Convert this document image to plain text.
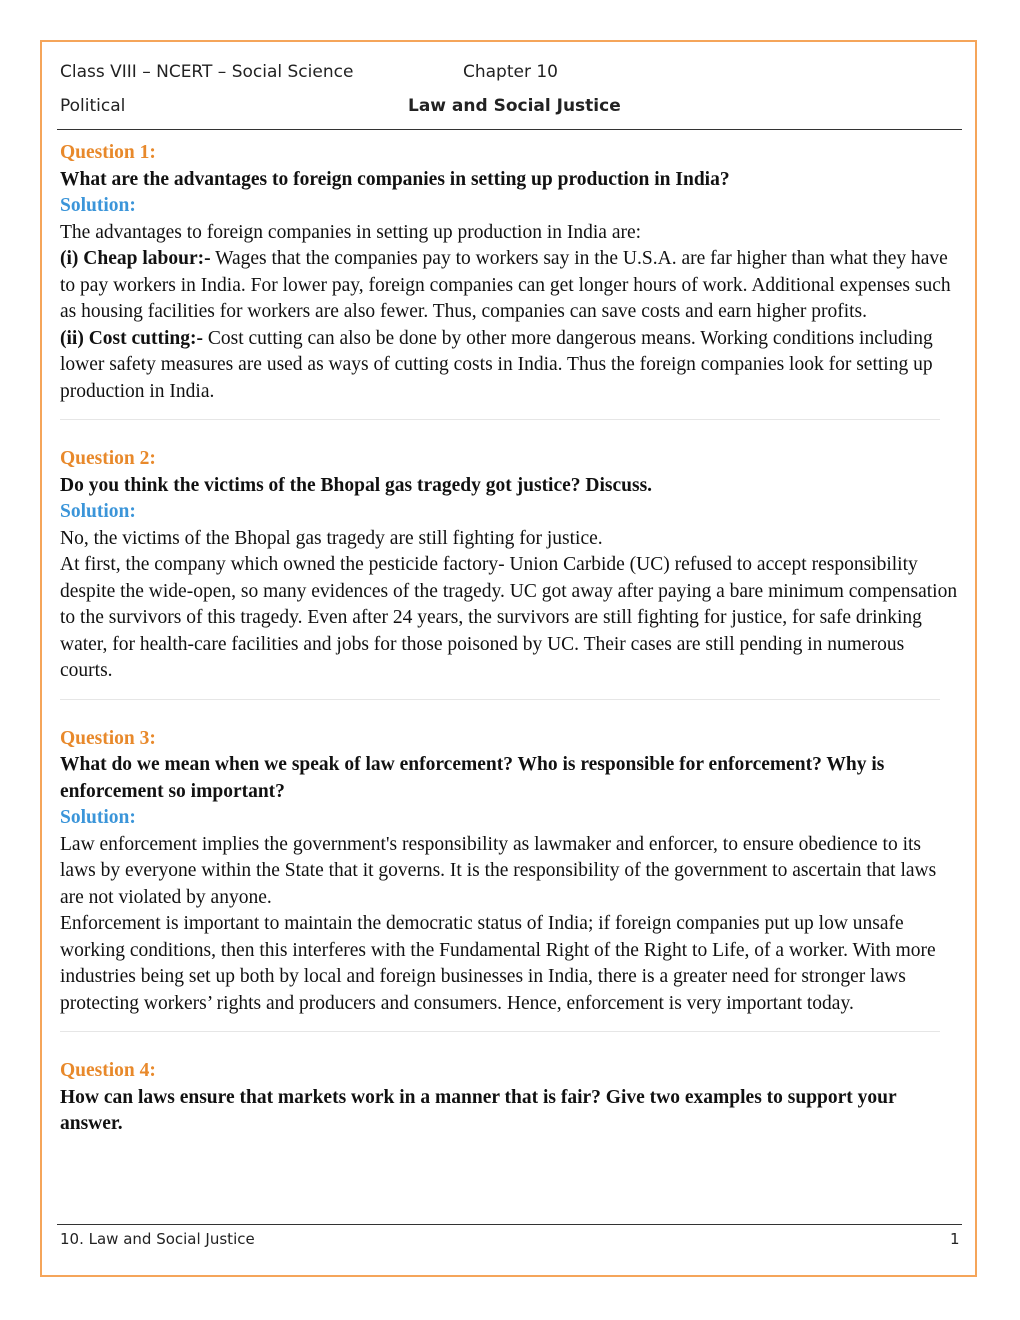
Class VIII – NCERT – Social Science	Chapter 10
Political	Law and Social Justice

Question 1:

What are the advantages to foreign companies in setting up production in India?

Solution:

The advantages to foreign companies in setting up production in India are:

(i) Cheap labour:- Wages that the companies pay to workers say in the U.S.A. are far higher than what they have to pay workers in India. For lower pay, foreign companies can get longer hours of work. Additional expenses such as housing facilities for workers are also fewer. Thus, companies can save costs and earn higher profits.

(ii) Cost cutting:- Cost cutting can also be done by other more dangerous means. Working conditions including lower safety measures are used as ways of cutting costs in India. Thus the foreign companies look for setting up production in India.

Question 2:

Do you think the victims of the Bhopal gas tragedy got justice? Discuss.

Solution:

No, the victims of the Bhopal gas tragedy are still fighting for justice.

At first, the company which owned the pesticide factory- Union Carbide (UC) refused to accept responsibility despite the wide-open, so many evidences of the tragedy. UC got away after paying a bare minimum compensation to the survivors of this tragedy. Even after 24 years, the survivors are still fighting for justice, for safe drinking water, for health-care facilities and jobs for those poisoned by UC. Their cases are still pending in numerous courts.

Question 3:

What do we mean when we speak of law enforcement? Who is responsible for enforcement? Why is enforcement so important?

Solution:

Law enforcement implies the government's responsibility as lawmaker and enforcer, to ensure obedience to its laws by everyone within the State that it governs. It is the responsibility of the government to ascertain that laws are not violated by anyone.

Enforcement is important to maintain the democratic status of India; if foreign companies put up low unsafe working conditions, then this interferes with the Fundamental Right of the Right to Life, of a worker. With more industries being set up both by local and foreign businesses in India, there is a greater need for stronger laws protecting workers’ rights and producers and consumers. Hence, enforcement is very important today.

Question 4:

How can laws ensure that markets work in a manner that is fair? Give two examples to support your answer.

10. Law and Social Justice	1
